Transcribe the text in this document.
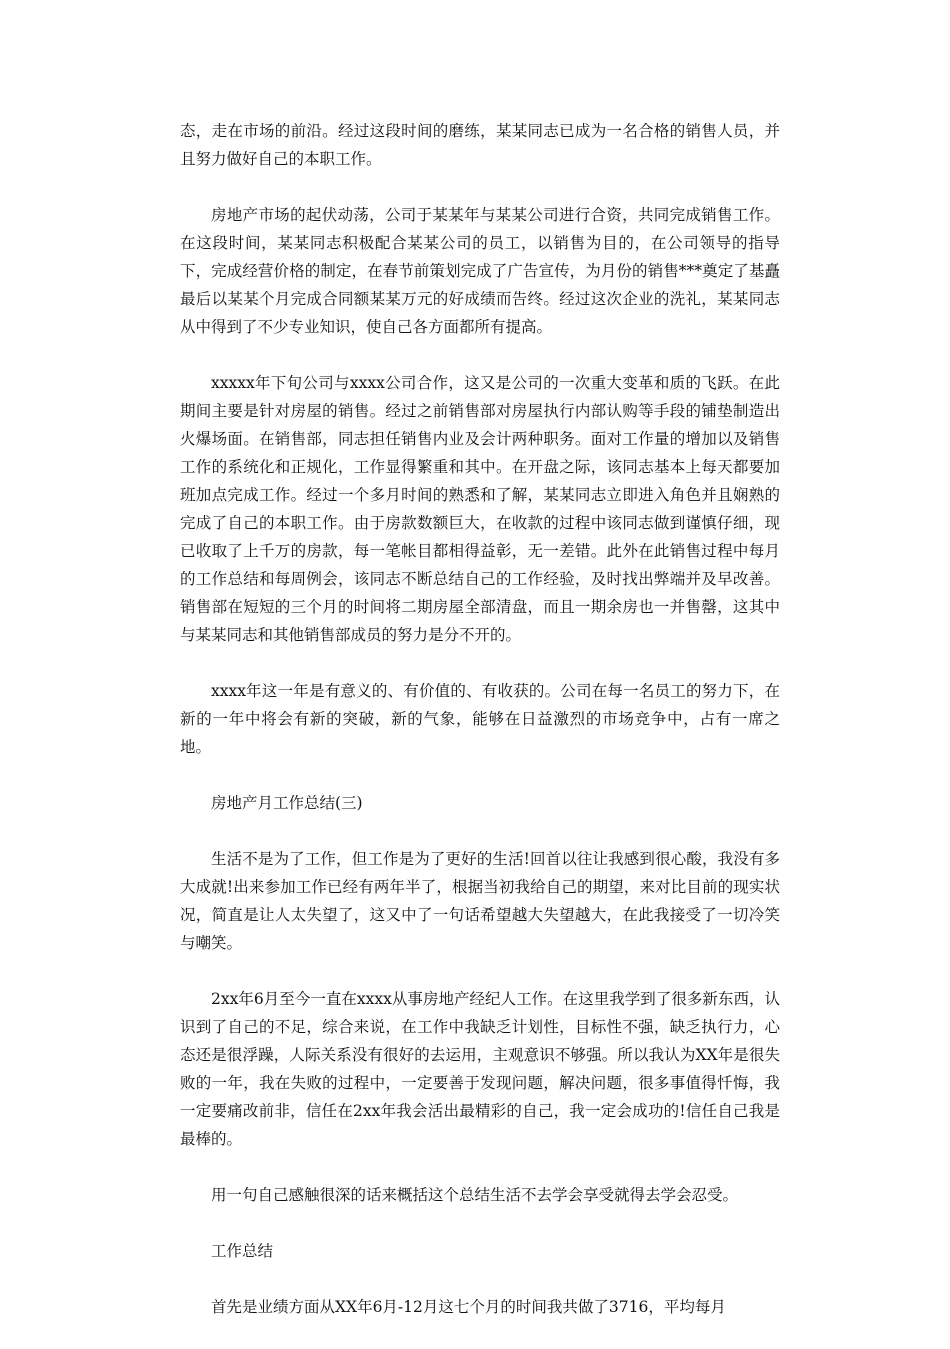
态，走在市场的前沿。经过这段时间的磨练，某某同志已成为一名合格的销售人员，并且努力做好自己的本职工作。

房地产市场的起伏动荡，公司于某某年与某某公司进行合资，共同完成销售工作。在这段时间，某某同志积极配合某某公司的员工，以销售为目的，在公司领导的指导下，完成经营价格的制定，在春节前策划完成了广告宣传，为月份的销售***奠定了基矗最后以某某个月完成合同额某某万元的好成绩而告终。经过这次企业的洗礼，某某同志从中得到了不少专业知识，使自己各方面都所有提高。

xxxxx年下旬公司与xxxx公司合作，这又是公司的一次重大变革和质的飞跃。在此期间主要是针对房屋的销售。经过之前销售部对房屋执行内部认购等手段的铺垫制造出火爆场面。在销售部，同志担任销售内业及会计两种职务。面对工作量的增加以及销售工作的系统化和正规化，工作显得繁重和其中。在开盘之际，该同志基本上每天都要加班加点完成工作。经过一个多月时间的熟悉和了解，某某同志立即进入角色并且娴熟的完成了自己的本职工作。由于房款数额巨大，在收款的过程中该同志做到谨慎仔细，现已收取了上千万的房款，每一笔帐目都相得益彰，无一差错。此外在此销售过程中每月的工作总结和每周例会，该同志不断总结自己的工作经验，及时找出弊端并及早改善。销售部在短短的三个月的时间将二期房屋全部清盘，而且一期余房也一并售罄，这其中与某某同志和其他销售部成员的努力是分不开的。

xxxx年这一年是有意义的、有价值的、有收获的。公司在每一名员工的努力下，在新的一年中将会有新的突破，新的气象，能够在日益激烈的市场竞争中，占有一席之地。

房地产月工作总结(三)

生活不是为了工作，但工作是为了更好的生活!回首以往让我感到很心酸，我没有多大成就!出来参加工作已经有两年半了，根据当初我给自己的期望，来对比目前的现实状况，简直是让人太失望了，这又中了一句话希望越大失望越大，在此我接受了一切冷笑与嘲笑。

2xx年6月至今一直在xxxx从事房地产经纪人工作。在这里我学到了很多新东西，认识到了自己的不足，综合来说，在工作中我缺乏计划性，目标性不强，缺乏执行力，心态还是很浮躁，人际关系没有很好的去运用，主观意识不够强。所以我认为XX年是很失败的一年，我在失败的过程中，一定要善于发现问题，解决问题，很多事值得忏悔，我一定要痛改前非，信任在2xx年我会活出最精彩的自己，我一定会成功的!信任自己我是最棒的。

用一句自己感触很深的话来概括这个总结生活不去学会享受就得去学会忍受。

工作总结

首先是业绩方面从XX年6月-12月这七个月的时间我共做了3716，平均每月
